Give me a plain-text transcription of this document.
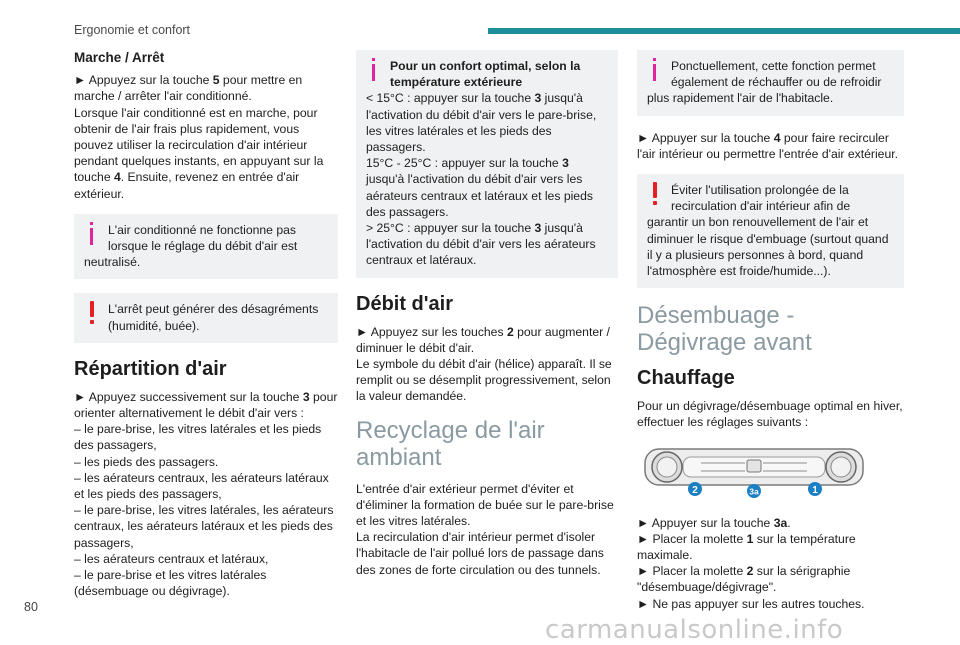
Ergonomie et confort
Marche / Arrêt

► Appuyez sur la touche 5 pour mettre en marche / arrêter l'air conditionné.
Lorsque l'air conditionné est en marche, pour obtenir de l'air frais plus rapidement, vous pouvez utiliser la recirculation d'air intérieur pendant quelques instants, en appuyant sur la touche 4. Ensuite, revenez en entrée d'air extérieur.

L'air conditionné ne fonctionne pas lorsque le réglage du débit d'air est neutralisé.
L'arrêt peut générer des désagréments (humidité, buée).
Répartition d'air

► Appuyez successivement sur la touche 3 pour orienter alternativement le débit d'air vers :
– le pare-brise, les vitres latérales et les pieds des passagers,
– les pieds des passagers.
– les aérateurs centraux, les aérateurs latéraux et les pieds des passagers,
– le pare-brise, les vitres latérales, les aérateurs centraux, les aérateurs latéraux et les pieds des passagers,
– les aérateurs centraux et latéraux,
– le pare-brise et les vitres latérales (désembuage ou dégivrage).

Pour un confort optimal, selon la température extérieure
< 15°C : appuyer sur la touche 3 jusqu'à l'activation du débit d'air vers le pare-brise, les vitres latérales et les pieds des passagers.
15°C - 25°C : appuyer sur la touche 3 jusqu'à l'activation du débit d'air vers les aérateurs centraux et latéraux et les pieds des passagers.
> 25°C : appuyer sur la touche 3 jusqu'à l'activation du débit d'air vers les aérateurs centraux et latéraux.
Débit d'air

► Appuyez sur les touches 2 pour augmenter / diminuer le débit d'air.
Le symbole du débit d'air (hélice) apparaît. Il se remplit ou se désemplit progressivement, selon la valeur demandée.

Recyclage de l'air ambiant

L'entrée d'air extérieur permet d'éviter et d'éliminer la formation de buée sur le pare-brise et les vitres latérales.
La recirculation d'air intérieur permet d'isoler l'habitacle de l'air pollué lors de passage dans des zones de forte circulation ou des tunnels.

Ponctuellement, cette fonction permet également de réchauffer ou de refroidir plus rapidement l'air de l'habitacle.

► Appuyer sur la touche 4 pour faire recirculer l'air intérieur ou permettre l'entrée d'air extérieur.

Éviter l'utilisation prolongée de la recirculation d'air intérieur afin de garantir un bon renouvellement de l'air et diminuer le risque d'embuage (surtout quand il y a plusieurs personnes à bord, quand l'atmosphère est froide/humide...).
Désembuage - Dégivrage avant
Chauffage

Pour un dégivrage/désembuage optimal en hiver, effectuer les réglages suivants :

2	3a	1

► Appuyer sur la touche 3a.
► Placer la molette 1 sur la température maximale.
► Placer la molette 2 sur la sérigraphie "désembuage/dégivrage".
► Ne pas appuyer sur les autres touches.

80
carmanualsonline.info
